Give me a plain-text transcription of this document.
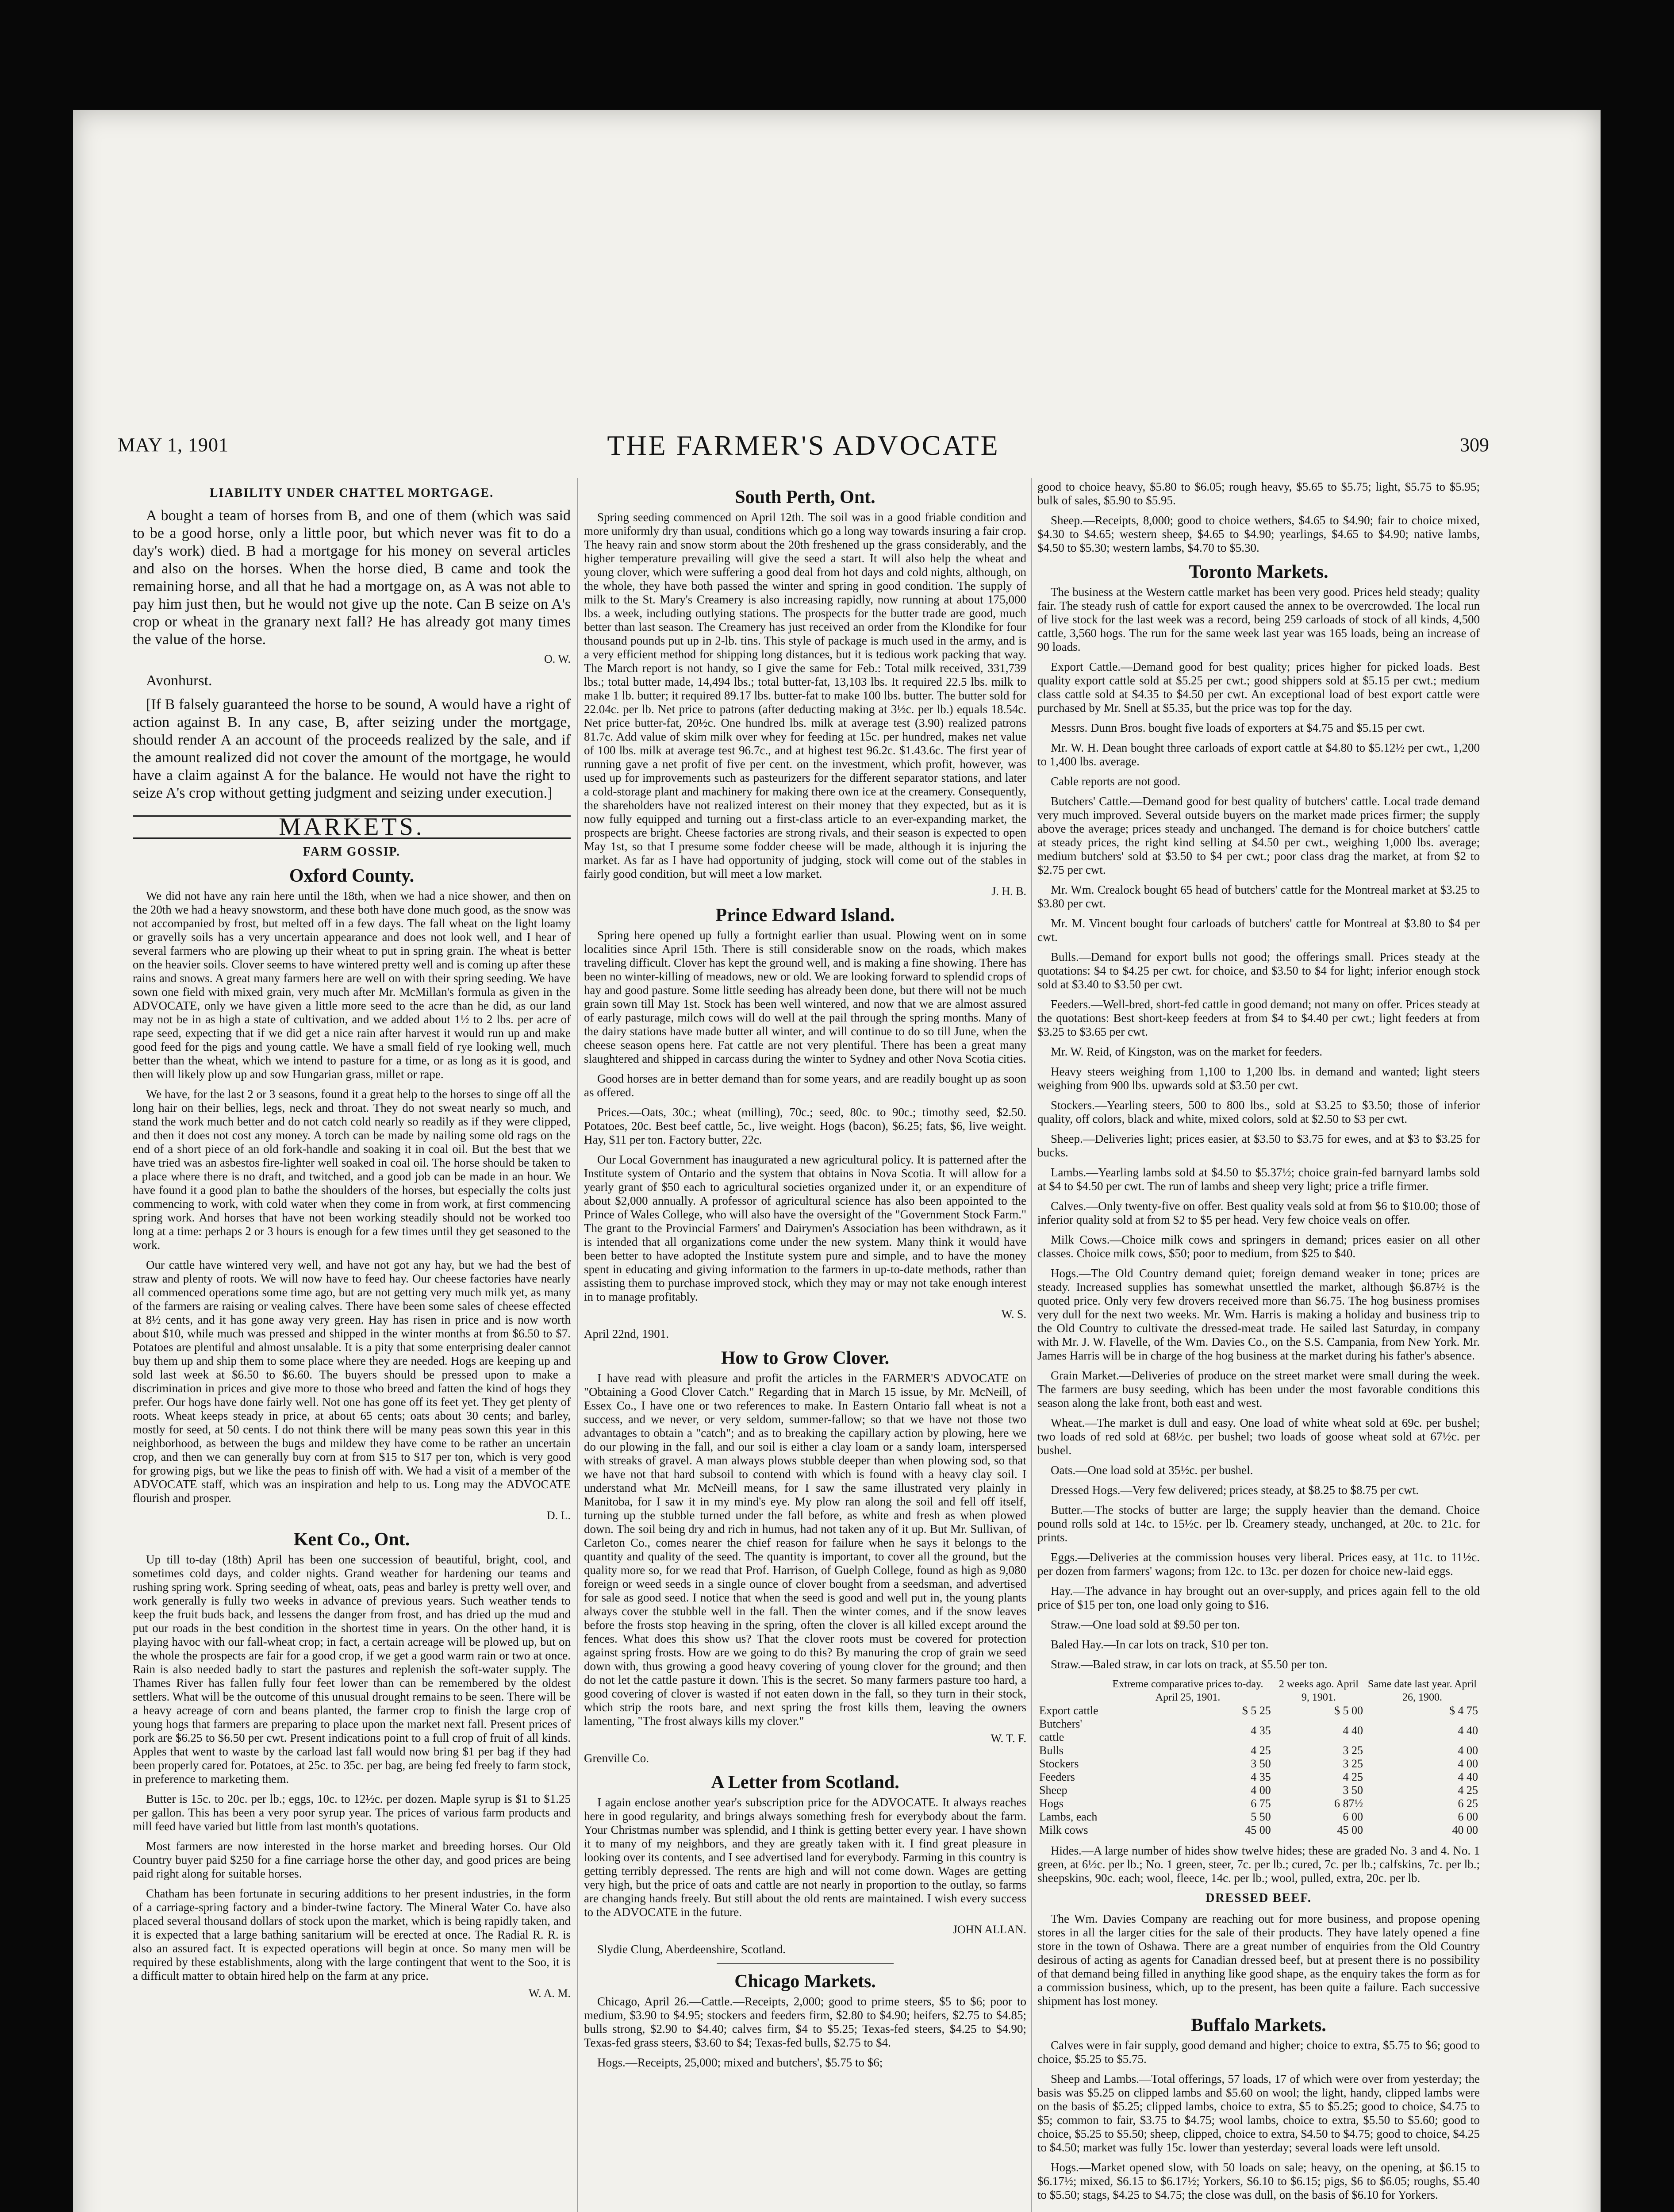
MAY 1, 1901	THE FARMER'S ADVOCATE	309
LIABILITY UNDER CHATTEL MORTGAGE.

A bought a team of horses from B, and one of them (which was said to be a good horse, only a little poor, but which never was fit to do a day's work) died. B had a mortgage for his money on several articles and also on the horses. When the horse died, B came and took the remaining horse, and all that he had a mortgage on, as A was not able to pay him just then, but he would not give up the note. Can B seize on A's crop or wheat in the granary next fall? He has already got many times the value of the horse.

O. W.

Avonhurst.

[If B falsely guaranteed the horse to be sound, A would have a right of action against B. In any case, B, after seizing under the mortgage, should render A an account of the proceeds realized by the sale, and if the amount realized did not cover the amount of the mortgage, he would have a claim against A for the balance. He would not have the right to seize A's crop without getting judgment and seizing under execution.]

MARKETS.
FARM GOSSIP.
Oxford County.

We did not have any rain here until the 18th, when we had a nice shower, and then on the 20th we had a heavy snowstorm, and these both have done much good, as the snow was not accompanied by frost, but melted off in a few days. The fall wheat on the light loamy or gravelly soils has a very uncertain appearance and does not look well, and I hear of several farmers who are plowing up their wheat to put in spring grain. The wheat is better on the heavier soils. Clover seems to have wintered pretty well and is coming up after these rains and snows. A great many farmers here are well on with their spring seeding. We have sown one field with mixed grain, very much after Mr. McMillan's formula as given in the ADVOCATE, only we have given a little more seed to the acre than he did, as our land may not be in as high a state of cultivation, and we added about 1½ to 2 lbs. per acre of rape seed, expecting that if we did get a nice rain after harvest it would run up and make good feed for the pigs and young cattle. We have a small field of rye looking well, much better than the wheat, which we intend to pasture for a time, or as long as it is good, and then will likely plow up and sow Hungarian grass, millet or rape.

We have, for the last 2 or 3 seasons, found it a great help to the horses to singe off all the long hair on their bellies, legs, neck and throat. They do not sweat nearly so much, and stand the work much better and do not catch cold nearly so readily as if they were clipped, and then it does not cost any money. A torch can be made by nailing some old rags on the end of a short piece of an old fork-handle and soaking it in coal oil. But the best that we have tried was an asbestos fire-lighter well soaked in coal oil. The horse should be taken to a place where there is no draft, and twitched, and a good job can be made in an hour. We have found it a good plan to bathe the shoulders of the horses, but especially the colts just commencing to work, with cold water when they come in from work, at first commencing spring work. And horses that have not been working steadily should not be worked too long at a time: perhaps 2 or 3 hours is enough for a few times until they get seasoned to the work.

Our cattle have wintered very well, and have not got any hay, but we had the best of straw and plenty of roots. We will now have to feed hay. Our cheese factories have nearly all commenced operations some time ago, but are not getting very much milk yet, as many of the farmers are raising or vealing calves. There have been some sales of cheese effected at 8½ cents, and it has gone away very green. Hay has risen in price and is now worth about $10, while much was pressed and shipped in the winter months at from $6.50 to $7. Potatoes are plentiful and almost unsalable. It is a pity that some enterprising dealer cannot buy them up and ship them to some place where they are needed. Hogs are keeping up and sold last week at $6.50 to $6.60. The buyers should be pressed upon to make a discrimination in prices and give more to those who breed and fatten the kind of hogs they prefer. Our hogs have done fairly well. Not one has gone off its feet yet. They get plenty of roots. Wheat keeps steady in price, at about 65 cents; oats about 30 cents; and barley, mostly for seed, at 50 cents. I do not think there will be many peas sown this year in this neighborhood, as between the bugs and mildew they have come to be rather an uncertain crop, and then we can generally buy corn at from $15 to $17 per ton, which is very good for growing pigs, but we like the peas to finish off with. We had a visit of a member of the ADVOCATE staff, which was an inspiration and help to us. Long may the ADVOCATE flourish and prosper.

D. L.
Kent Co., Ont.

Up till to-day (18th) April has been one succession of beautiful, bright, cool, and sometimes cold days, and colder nights. Grand weather for hardening our teams and rushing spring work. Spring seeding of wheat, oats, peas and barley is pretty well over, and work generally is fully two weeks in advance of previous years. Such weather tends to keep the fruit buds back, and lessens the danger from frost, and has dried up the mud and put our roads in the best condition in the shortest time in years. On the other hand, it is playing havoc with our fall-wheat crop; in fact, a certain acreage will be plowed up, but on the whole the prospects are fair for a good crop, if we get a good warm rain or two at once. Rain is also needed badly to start the pastures and replenish the soft-water supply. The Thames River has fallen fully four feet lower than can be remembered by the oldest settlers. What will be the outcome of this unusual drought remains to be seen. There will be a heavy acreage of corn and beans planted, the farmer crop to finish the large crop of young hogs that farmers are preparing to place upon the market next fall. Present prices of pork are $6.25 to $6.50 per cwt. Present indications point to a full crop of fruit of all kinds. Apples that went to waste by the carload last fall would now bring $1 per bag if they had been properly cared for. Potatoes, at 25c. to 35c. per bag, are being fed freely to farm stock, in preference to marketing them.

Butter is 15c. to 20c. per lb.; eggs, 10c. to 12½c. per dozen. Maple syrup is $1 to $1.25 per gallon. This has been a very poor syrup year. The prices of various farm products and mill feed have varied but little from last month's quotations.

Most farmers are now interested in the horse market and breeding horses. Our Old Country buyer paid $250 for a fine carriage horse the other day, and good prices are being paid right along for suitable horses.

Chatham has been fortunate in securing additions to her present industries, in the form of a carriage-spring factory and a binder-twine factory. The Mineral Water Co. have also placed several thousand dollars of stock upon the market, which is being rapidly taken, and it is expected that a large bathing sanitarium will be erected at once. The Radial R. R. is also an assured fact. It is expected operations will begin at once. So many men will be required by these establishments, along with the large contingent that went to the Soo, it is a difficult matter to obtain hired help on the farm at any price.

W. A. M.
South Perth, Ont.

Spring seeding commenced on April 12th. The soil was in a good friable condition and more uniformly dry than usual, conditions which go a long way towards insuring a fair crop. The heavy rain and snow storm about the 20th freshened up the grass considerably, and the higher temperature prevailing will give the seed a start. It will also help the wheat and young clover, which were suffering a good deal from hot days and cold nights, although, on the whole, they have both passed the winter and spring in good condition. The supply of milk to the St. Mary's Creamery is also increasing rapidly, now running at about 175,000 lbs. a week, including outlying stations. The prospects for the butter trade are good, much better than last season. The Creamery has just received an order from the Klondike for four thousand pounds put up in 2-lb. tins. This style of package is much used in the army, and is a very efficient method for shipping long distances, but it is tedious work packing that way. The March report is not handy, so I give the same for Feb.: Total milk received, 331,739 lbs.; total butter made, 14,494 lbs.; total butter-fat, 13,103 lbs. It required 22.5 lbs. milk to make 1 lb. butter; it required 89.17 lbs. butter-fat to make 100 lbs. butter. The butter sold for 22.04c. per lb. Net price to patrons (after deducting making at 3½c. per lb.) equals 18.54c. Net price butter-fat, 20½c. One hundred lbs. milk at average test (3.90) realized patrons 81.7c. Add value of skim milk over whey for feeding at 15c. per hundred, makes net value of 100 lbs. milk at average test 96.7c., and at highest test 96.2c. $1.43.6c. The first year of running gave a net profit of five per cent. on the investment, which profit, however, was used up for improvements such as pasteurizers for the different separator stations, and later a cold-storage plant and machinery for making there own ice at the creamery. Consequently, the shareholders have not realized interest on their money that they expected, but as it is now fully equipped and turning out a first-class article to an ever-expanding market, the prospects are bright. Cheese factories are strong rivals, and their season is expected to open May 1st, so that I presume some fodder cheese will be made, although it is injuring the market. As far as I have had opportunity of judging, stock will come out of the stables in fairly good condition, but will meet a low market.

J. H. B.
Prince Edward Island.

Spring here opened up fully a fortnight earlier than usual. Plowing went on in some localities since April 15th. There is still considerable snow on the roads, which makes traveling difficult. Clover has kept the ground well, and is making a fine showing. There has been no winter-killing of meadows, new or old. We are looking forward to splendid crops of hay and good pasture. Some little seeding has already been done, but there will not be much grain sown till May 1st. Stock has been well wintered, and now that we are almost assured of early pasturage, milch cows will do well at the pail through the spring months. Many of the dairy stations have made butter all winter, and will continue to do so till June, when the cheese season opens here. Fat cattle are not very plentiful. There has been a great many slaughtered and shipped in carcass during the winter to Sydney and other Nova Scotia cities.

Good horses are in better demand than for some years, and are readily bought up as soon as offered.

Prices.—Oats, 30c.; wheat (milling), 70c.; seed, 80c. to 90c.; timothy seed, $2.50. Potatoes, 20c. Best beef cattle, 5c., live weight. Hogs (bacon), $6.25; fats, $6, live weight. Hay, $11 per ton. Factory butter, 22c.

Our Local Government has inaugurated a new agricultural policy. It is patterned after the Institute system of Ontario and the system that obtains in Nova Scotia. It will allow for a yearly grant of $50 each to agricultural societies organized under it, or an expenditure of about $2,000 annually. A professor of agricultural science has also been appointed to the Prince of Wales College, who will also have the oversight of the "Government Stock Farm." The grant to the Provincial Farmers' and Dairymen's Association has been withdrawn, as it is intended that all organizations come under the new system. Many think it would have been better to have adopted the Institute system pure and simple, and to have the money spent in educating and giving information to the farmers in up-to-date methods, rather than assisting them to purchase improved stock, which they may or may not take enough interest in to manage profitably.

W. S.

April 22nd, 1901.

How to Grow Clover.

I have read with pleasure and profit the articles in the FARMER'S ADVOCATE on "Obtaining a Good Clover Catch." Regarding that in March 15 issue, by Mr. McNeill, of Essex Co., I have one or two references to make. In Eastern Ontario fall wheat is not a success, and we never, or very seldom, summer-fallow; so that we have not those two advantages to obtain a "catch"; and as to breaking the capillary action by plowing, here we do our plowing in the fall, and our soil is either a clay loam or a sandy loam, interspersed with streaks of gravel. A man always plows stubble deeper than when plowing sod, so that we have not that hard subsoil to contend with which is found with a heavy clay soil. I understand what Mr. McNeill means, for I saw the same illustrated very plainly in Manitoba, for I saw it in my mind's eye. My plow ran along the soil and fell off itself, turning up the stubble turned under the fall before, as white and fresh as when plowed down. The soil being dry and rich in humus, had not taken any of it up. But Mr. Sullivan, of Carleton Co., comes nearer the chief reason for failure when he says it belongs to the quantity and quality of the seed. The quantity is important, to cover all the ground, but the quality more so, for we read that Prof. Harrison, of Guelph College, found as high as 9,080 foreign or weed seeds in a single ounce of clover bought from a seedsman, and advertised for sale as good seed. I notice that when the seed is good and well put in, the young plants always cover the stubble well in the fall. Then the winter comes, and if the snow leaves before the frosts stop heaving in the spring, often the clover is all killed except around the fences. What does this show us? That the clover roots must be covered for protection against spring frosts. How are we going to do this? By manuring the crop of grain we seed down with, thus growing a good heavy covering of young clover for the ground; and then do not let the cattle pasture it down. This is the secret. So many farmers pasture too hard, a good covering of clover is wasted if not eaten down in the fall, so they turn in their stock, which strip the roots bare, and next spring the frost kills them, leaving the owners lamenting, "The frost always kills my clover."

W. T. F.

Grenville Co.

A Letter from Scotland.

I again enclose another year's subscription price for the ADVOCATE. It always reaches here in good regularity, and brings always something fresh for everybody about the farm. Your Christmas number was splendid, and I think is getting better every year. I have shown it to many of my neighbors, and they are greatly taken with it. I find great pleasure in looking over its contents, and I see advertised land for everybody. Farming in this country is getting terribly depressed. The rents are high and will not come down. Wages are getting very high, but the price of oats and cattle are not nearly in proportion to the outlay, so farms are changing hands freely. But still about the old rents are maintained. I wish every success to the ADVOCATE in the future.

JOHN ALLAN.

Slydie Clung, Aberdeenshire, Scotland.

Chicago Markets.

Chicago, April 26.—Cattle.—Receipts, 2,000; good to prime steers, $5 to $6; poor to medium, $3.90 to $4.95; stockers and feeders firm, $2.80 to $4.90; heifers, $2.75 to $4.85; bulls strong, $2.90 to $4.40; calves firm, $4 to $5.25; Texas-fed steers, $4.25 to $4.90; Texas-fed grass steers, $3.60 to $4; Texas-fed bulls, $2.75 to $4.

Hogs.—Receipts, 25,000; mixed and butchers', $5.75 to $6;

good to choice heavy, $5.80 to $6.05; rough heavy, $5.65 to $5.75; light, $5.75 to $5.95; bulk of sales, $5.90 to $5.95.

Sheep.—Receipts, 8,000; good to choice wethers, $4.65 to $4.90; fair to choice mixed, $4.30 to $4.65; western sheep, $4.65 to $4.90; yearlings, $4.65 to $4.90; native lambs, $4.50 to $5.30; western lambs, $4.70 to $5.30.

Toronto Markets.

The business at the Western cattle market has been very good. Prices held steady; quality fair. The steady rush of cattle for export caused the annex to be overcrowded. The local run of live stock for the last week was a record, being 259 carloads of stock of all kinds, 4,500 cattle, 3,560 hogs. The run for the same week last year was 165 loads, being an increase of 90 loads.

Export Cattle.—Demand good for best quality; prices higher for picked loads. Best quality export cattle sold at $5.25 per cwt.; good shippers sold at $5.15 per cwt.; medium class cattle sold at $4.35 to $4.50 per cwt. An exceptional load of best export cattle were purchased by Mr. Snell at $5.35, but the price was top for the day.

Messrs. Dunn Bros. bought five loads of exporters at $4.75 and $5.15 per cwt.

Mr. W. H. Dean bought three carloads of export cattle at $4.80 to $5.12½ per cwt., 1,200 to 1,400 lbs. average.

Cable reports are not good.

Butchers' Cattle.—Demand good for best quality of butchers' cattle. Local trade demand very much improved. Several outside buyers on the market made prices firmer; the supply above the average; prices steady and unchanged. The demand is for choice butchers' cattle at steady prices, the right kind selling at $4.50 per cwt., weighing 1,000 lbs. average; medium butchers' sold at $3.50 to $4 per cwt.; poor class drag the market, at from $2 to $2.75 per cwt.

Mr. Wm. Crealock bought 65 head of butchers' cattle for the Montreal market at $3.25 to $3.80 per cwt.

Mr. M. Vincent bought four carloads of butchers' cattle for Montreal at $3.80 to $4 per cwt.

Bulls.—Demand for export bulls not good; the offerings small. Prices steady at the quotations: $4 to $4.25 per cwt. for choice, and $3.50 to $4 for light; inferior enough stock sold at $3.40 to $3.50 per cwt.

Feeders.—Well-bred, short-fed cattle in good demand; not many on offer. Prices steady at the quotations: Best short-keep feeders at from $4 to $4.40 per cwt.; light feeders at from $3.25 to $3.65 per cwt.

Mr. W. Reid, of Kingston, was on the market for feeders.

Heavy steers weighing from 1,100 to 1,200 lbs. in demand and wanted; light steers weighing from 900 lbs. upwards sold at $3.50 per cwt.

Stockers.—Yearling steers, 500 to 800 lbs., sold at $3.25 to $3.50; those of inferior quality, off colors, black and white, mixed colors, sold at $2.50 to $3 per cwt.

Sheep.—Deliveries light; prices easier, at $3.50 to $3.75 for ewes, and at $3 to $3.25 for bucks.

Lambs.—Yearling lambs sold at $4.50 to $5.37½; choice grain-fed barnyard lambs sold at $4 to $4.50 per cwt. The run of lambs and sheep very light; price a trifle firmer.

Calves.—Only twenty-five on offer. Best quality veals sold at from $6 to $10.00; those of inferior quality sold at from $2 to $5 per head. Very few choice veals on offer.

Milk Cows.—Choice milk cows and springers in demand; prices easier on all other classes. Choice milk cows, $50; poor to medium, from $25 to $40.

Hogs.—The Old Country demand quiet; foreign demand weaker in tone; prices are steady. Increased supplies has somewhat unsettled the market, although $6.87½ is the quoted price. Only very few drovers received more than $6.75. The hog business promises very dull for the next two weeks. Mr. Wm. Harris is making a holiday and business trip to the Old Country to cultivate the dressed-meat trade. He sailed last Saturday, in company with Mr. J. W. Flavelle, of the Wm. Davies Co., on the S.S. Campania, from New York. Mr. James Harris will be in charge of the hog business at the market during his father's absence.

Grain Market.—Deliveries of produce on the street market were small during the week. The farmers are busy seeding, which has been under the most favorable conditions this season along the lake front, both east and west.

Wheat.—The market is dull and easy. One load of white wheat sold at 69c. per bushel; two loads of red sold at 68½c. per bushel; two loads of goose wheat sold at 67½c. per bushel.

Oats.—One load sold at 35½c. per bushel.

Dressed Hogs.—Very few delivered; prices steady, at $8.25 to $8.75 per cwt.

Butter.—The stocks of butter are large; the supply heavier than the demand. Choice pound rolls sold at 14c. to 15½c. per lb. Creamery steady, unchanged, at 20c. to 21c. for prints.

Eggs.—Deliveries at the commission houses very liberal. Prices easy, at 11c. to 11½c. per dozen from farmers' wagons; from 12c. to 13c. per dozen for choice new-laid eggs.

Hay.—The advance in hay brought out an over-supply, and prices again fell to the old price of $15 per ton, one load only going to $16.

Straw.—One load sold at $9.50 per ton.

Baled Hay.—In car lots on track, $10 per ton.

Straw.—Baled straw, in car lots on track, at $5.50 per ton.

	Extreme comparative prices to-day. April 25, 1901.	2 weeks ago. April 9, 1901.	Same date last year. April 26, 1900.
Export cattle	$ 5 25	$ 5 00	$ 4 75
Butchers' cattle	4 35	4 40	4 40
Bulls	4 25	3 25	4 00
Stockers	3 50	3 25	4 00
Feeders	4 35	4 25	4 40
Sheep	4 00	3 50	4 25
Hogs	6 75	6 87½	6 25
Lambs, each	5 50	6 00	6 00
Milk cows	45 00	45 00	40 00

Hides.—A large number of hides show twelve hides; these are graded No. 3 and 4. No. 1 green, at 6½c. per lb.; No. 1 green, steer, 7c. per lb.; cured, 7c. per lb.; calfskins, 7c. per lb.; sheepskins, 90c. each; wool, fleece, 14c. per lb.; wool, pulled, extra, 20c. per lb.

DRESSED BEEF.

The Wm. Davies Company are reaching out for more business, and propose opening stores in all the larger cities for the sale of their products. They have lately opened a fine store in the town of Oshawa. There are a great number of enquiries from the Old Country desirous of acting as agents for Canadian dressed beef, but at present there is no possibility of that demand being filled in anything like good shape, as the enquiry takes the form as for a commission business, which, up to the present, has been quite a failure. Each successive shipment has lost money.

Buffalo Markets.

Calves were in fair supply, good demand and higher; choice to extra, $5.75 to $6; good to choice, $5.25 to $5.75.

Sheep and Lambs.—Total offerings, 57 loads, 17 of which were over from yesterday; the basis was $5.25 on clipped lambs and $5.60 on wool; the light, handy, clipped lambs were on the basis of $5.25; clipped lambs, choice to extra, $5 to $5.25; good to choice, $4.75 to $5; common to fair, $3.75 to $4.75; wool lambs, choice to extra, $5.50 to $5.60; good to choice, $5.25 to $5.50; sheep, clipped, choice to extra, $4.50 to $4.75; good to choice, $4.25 to $4.50; market was fully 15c. lower than yesterday; several loads were left unsold.

Hogs.—Market opened slow, with 50 loads on sale; heavy, on the opening, at $6.15 to $6.17½; mixed, $6.15 to $6.17½; Yorkers, $6.10 to $6.15; pigs, $6 to $6.05; roughs, $5.40 to $5.50; stags, $4.25 to $4.75; the close was dull, on the basis of $6.10 for Yorkers.
